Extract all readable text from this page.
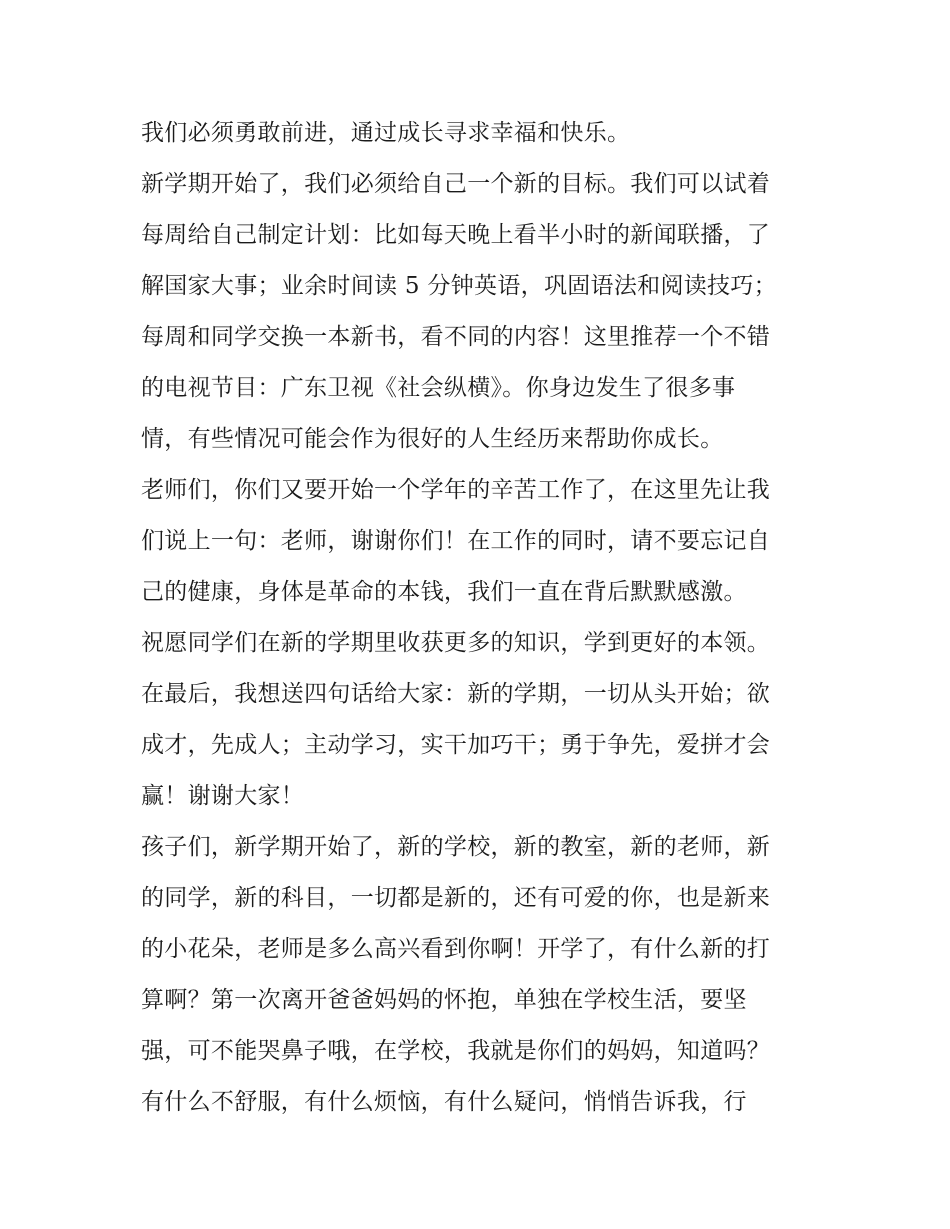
我们必须勇敢前进，通过成长寻求幸福和快乐。
新学期开始了，我们必须给自己一个新的目标。我们可以试着
每周给自己制定计划：比如每天晚上看半小时的新闻联播，了
解国家大事；业余时间读 5 分钟英语，巩固语法和阅读技巧；
每周和同学交换一本新书，看不同的内容！这里推荐一个不错
的电视节目：广东卫视《社会纵横》。你身边发生了很多事
情，有些情况可能会作为很好的人生经历来帮助你成长。
老师们，你们又要开始一个学年的辛苦工作了，在这里先让我
们说上一句：老师，谢谢你们！在工作的同时，请不要忘记自
己的健康，身体是革命的本钱，我们一直在背后默默感激。
祝愿同学们在新的学期里收获更多的知识，学到更好的本领。
在最后，我想送四句话给大家：新的学期，一切从头开始；欲
成才，先成人；主动学习，实干加巧干；勇于争先，爱拼才会
赢！谢谢大家！
孩子们，新学期开始了，新的学校，新的教室，新的老师，新
的同学，新的科目，一切都是新的，还有可爱的你，也是新来
的小花朵，老师是多么高兴看到你啊！开学了，有什么新的打
算啊？第一次离开爸爸妈妈的怀抱，单独在学校生活，要坚
强，可不能哭鼻子哦，在学校，我就是你们的妈妈，知道吗？
有什么不舒服，有什么烦恼，有什么疑问，悄悄告诉我，行
